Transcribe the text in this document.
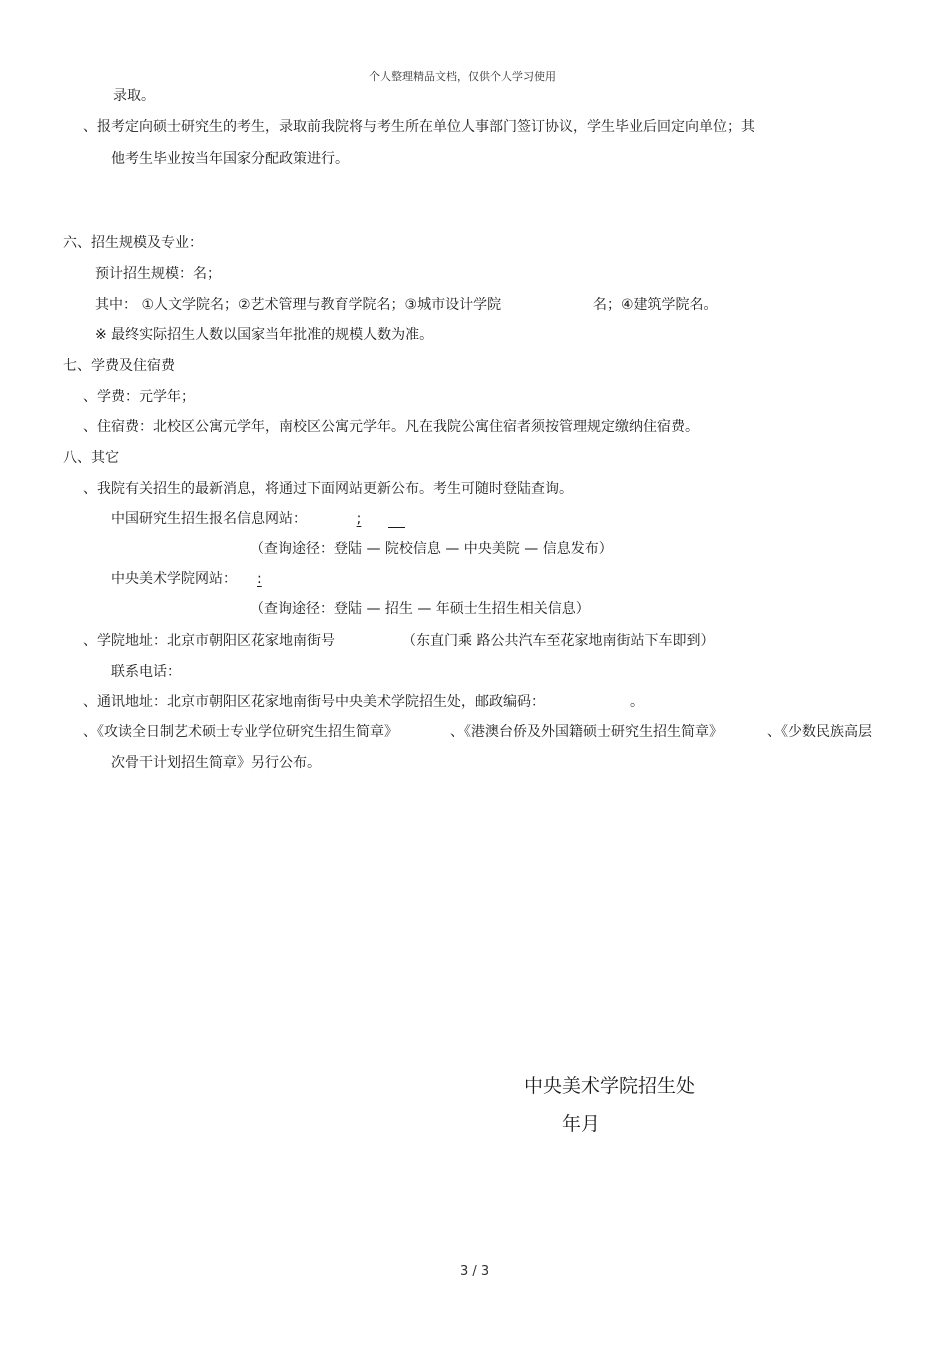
个人整理精品文档，仅供个人学习使用
录取。
、报考定向硕士研究生的考生，录取前我院将与考生所在单位人事部门签订协议，学生毕业后回定向单位；其
他考生毕业按当年国家分配政策进行。
六、招生规模及专业：
预计招生规模：名；
其中： ①人文学院名；②艺术管理与教育学院名；③城市设计学院	名；④建筑学院名。
※ 最终实际招生人数以国家当年批准的规模人数为准。
七、学费及住宿费
、学费：元学年；
、住宿费：北校区公寓元学年，南校区公寓元学年。凡在我院公寓住宿者须按管理规定缴纳住宿费。
八、其它
、我院有关招生的最新消息，将通过下面网站更新公布。考生可随时登陆查询。
中国研究生招生报名信息网站：	;
（查询途径：登陆 — 院校信息 — 中央美院 — 信息发布）
中央美术学院网站： :
（查询途径：登陆 — 招生 — 年硕士生招生相关信息）
、学院地址：北京市朝阳区花家地南街号	（东直门乘 路公共汽车至花家地南街站下车即到）
联系电话：
、通讯地址：北京市朝阳区花家地南街号中央美术学院招生处，邮政编码：	。
、《攻读全日制艺术硕士专业学位研究生招生简章》	、《港澳台侨及外国籍硕士研究生招生简章》	、《少数民族高层
次骨干计划招生简章》另行公布。
中央美术学院招生处
年月
3 / 3
